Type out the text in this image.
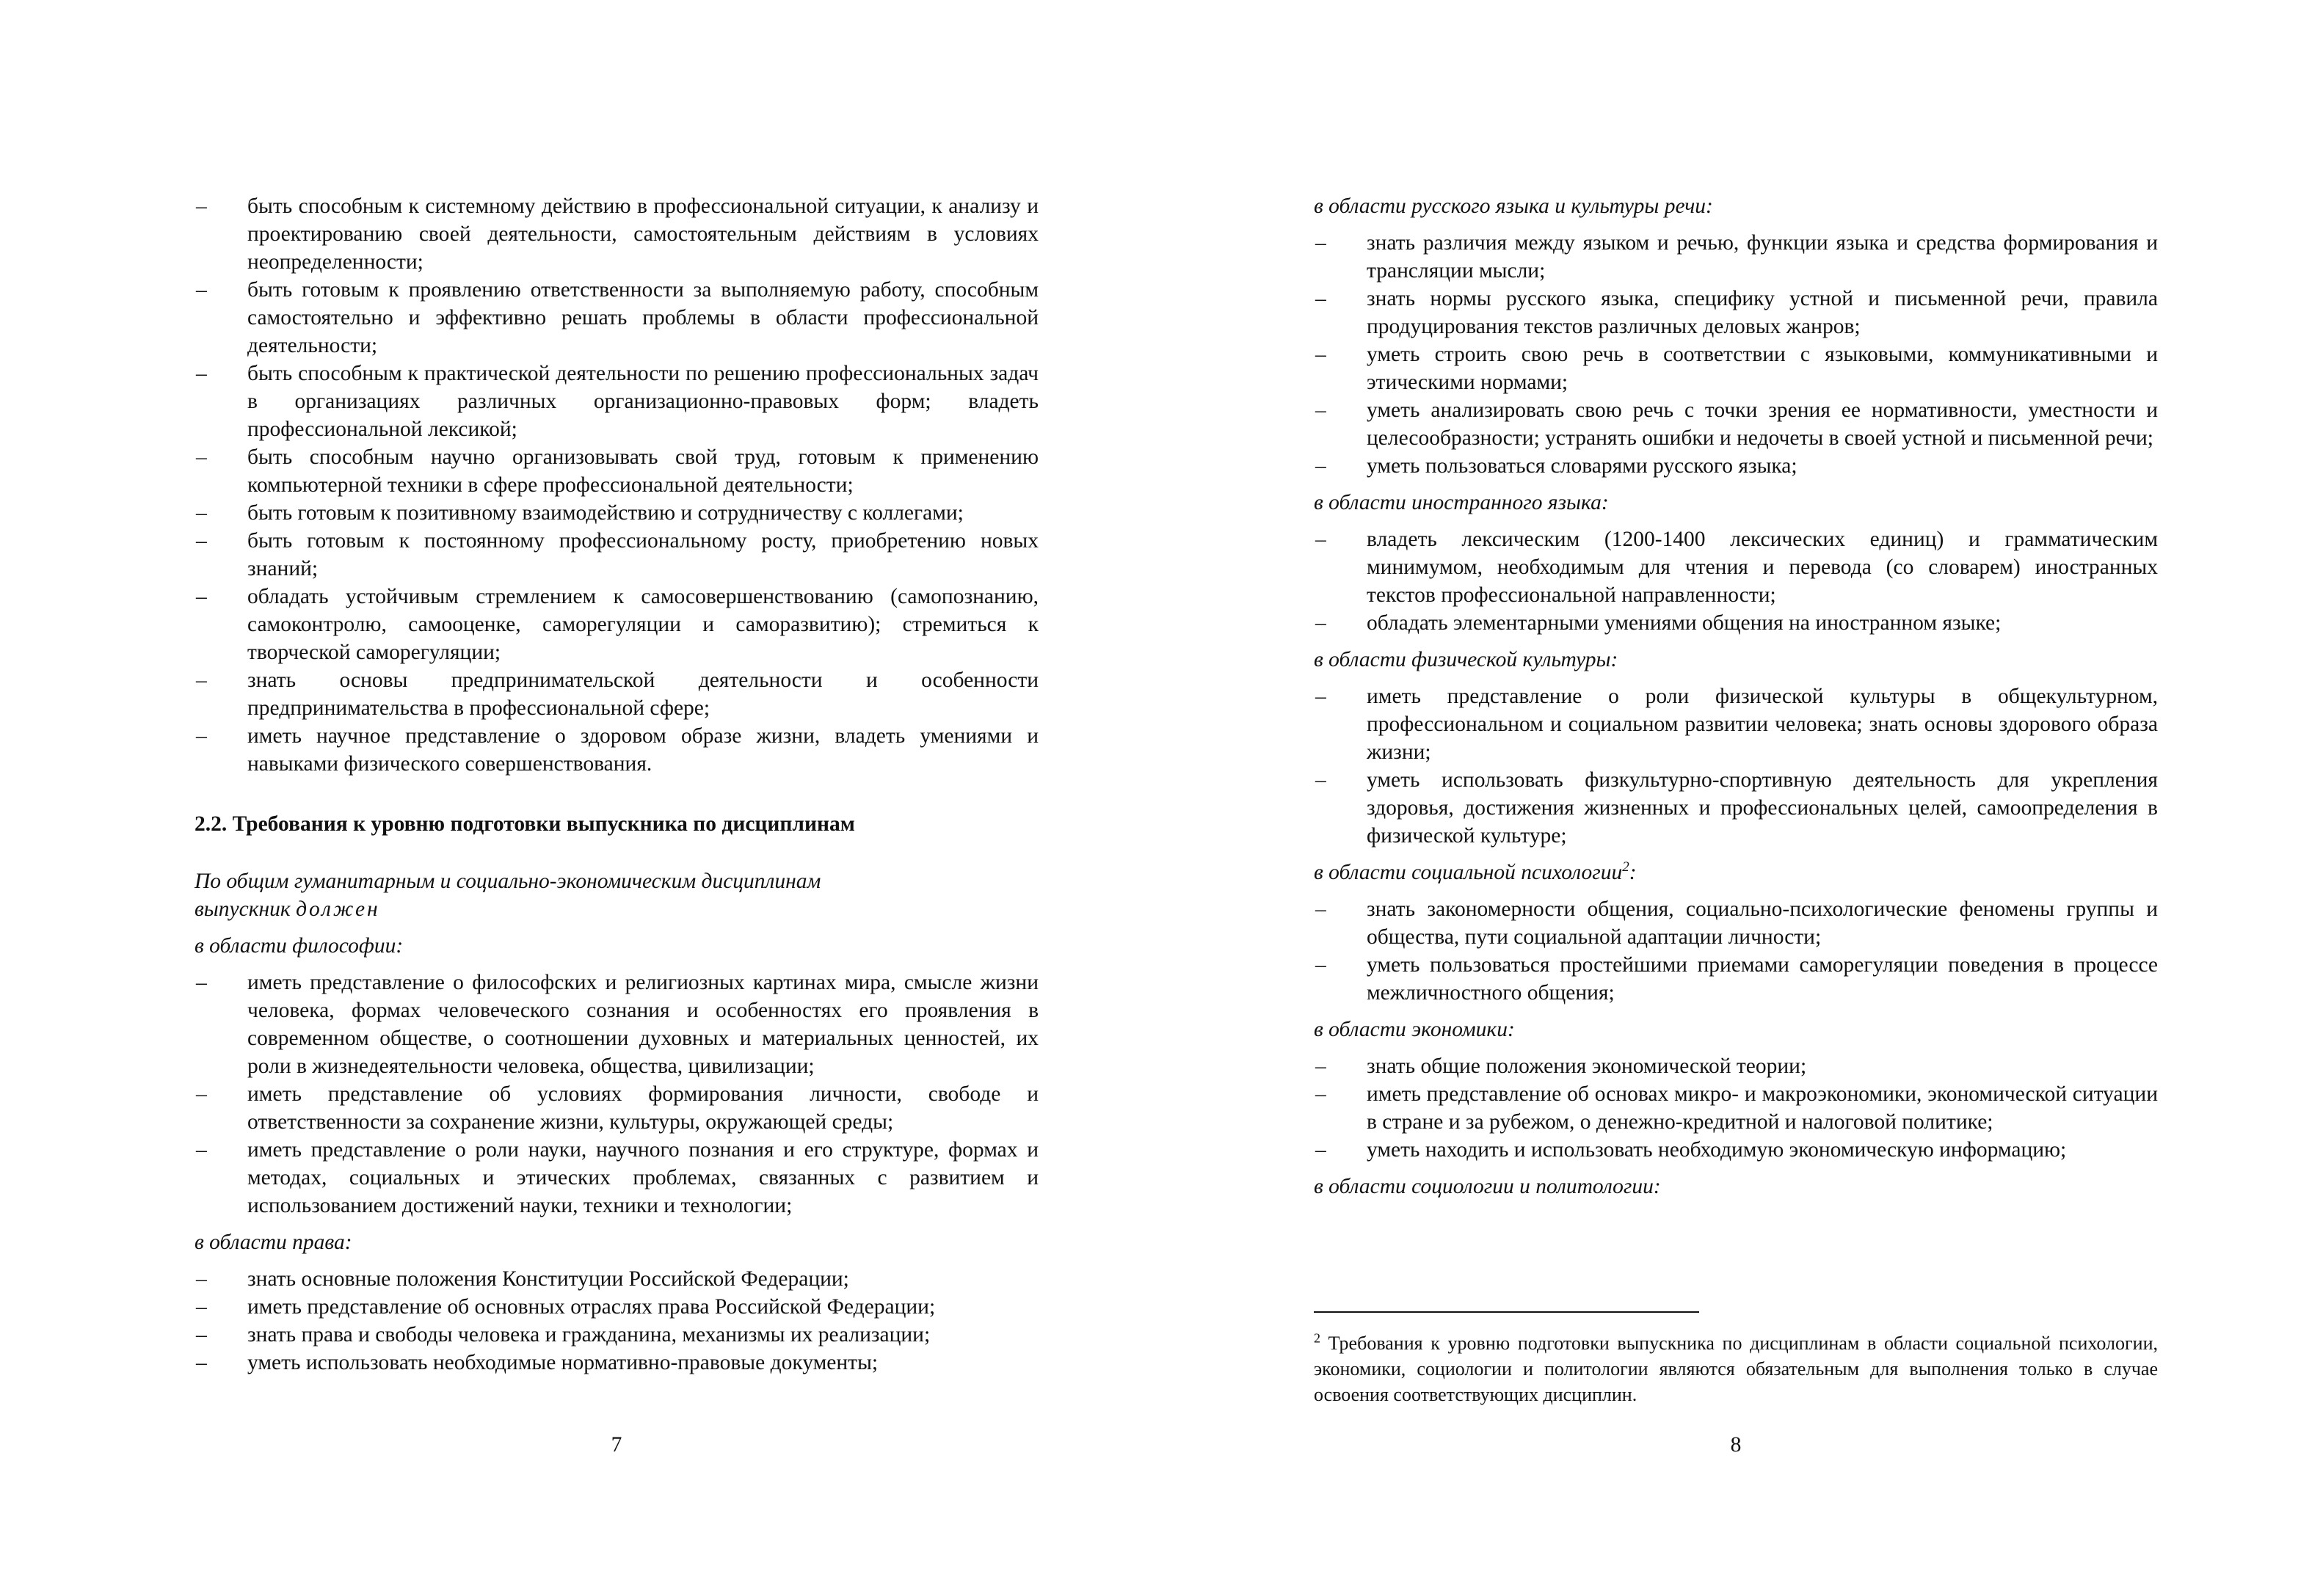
– быть способным к системному действию в профессиональной ситуации, к анализу и проектированию своей деятельности, самостоятельным действиям в условиях неопределенности;
– быть готовым к проявлению ответственности за выполняемую работу, способным самостоятельно и эффективно решать проблемы в области профессиональной деятельности;
– быть способным к практической деятельности по решению профессиональных задач в организациях различных организационно-правовых форм; владеть профессиональной лексикой;
– быть способным научно организовывать свой труд, готовым к применению компьютерной техники в сфере профессиональной деятельности;
– быть готовым к позитивному взаимодействию и сотрудничеству с коллегами;
– быть готовым к постоянному профессиональному росту, приобретению новых знаний;
– обладать устойчивым стремлением к самосовершенствованию (самопознанию, самоконтролю, самооценке, саморегуляции и саморазвитию); стремиться к творческой саморегуляции;
– знать основы предпринимательской деятельности и особенности предпринимательства в профессиональной сфере;
– иметь научное представление о здоровом образе жизни, владеть умениями и навыками физического совершенствования.
2.2. Требования к уровню подготовки выпускника по дисциплинам
По общим гуманитарным и социально-экономическим дисциплинам
выпускник должен
в области философии:
– иметь представление о философских и религиозных картинах мира, смысле жизни человека, формах человеческого сознания и особенностях его проявления в современном обществе, о соотношении духовных и материальных ценностей, их роли в жизнедеятельности человека, общества, цивилизации;
– иметь представление об условиях формирования личности, свободе и ответственности за сохранение жизни, культуры, окружающей среды;
– иметь представление о роли науки, научного познания и его структуре, формах и методах, социальных и этических проблемах, связанных с развитием и использованием достижений науки, техники и технологии;
в области права:
– знать основные положения Конституции Российской Федерации;
– иметь представление об основных отраслях права Российской Федерации;
– знать права и свободы человека и гражданина, механизмы их реализации;
– уметь использовать необходимые нормативно-правовые документы;
7
в области русского языка и культуры речи:
– знать различия между языком и речью, функции языка и средства формирования и трансляции мысли;
– знать нормы русского языка, специфику устной и письменной речи, правила продуцирования текстов различных деловых жанров;
– уметь строить свою речь в соответствии с языковыми, коммуникативными и этическими нормами;
– уметь анализировать свою речь с точки зрения ее нормативности, уместности и целесообразности; устранять ошибки и недочеты в своей устной и письменной речи;
– уметь пользоваться словарями русского языка;
в области иностранного языка:
– владеть лексическим (1200-1400 лексических единиц) и грамматическим минимумом, необходимым для чтения и перевода (со словарем) иностранных текстов профессиональной направленности;
– обладать элементарными умениями общения на иностранном языке;
в области физической культуры:
– иметь представление о роли физической культуры в общекультурном, профессиональном и социальном развитии человека; знать основы здорового образа жизни;
– уметь использовать физкультурно-спортивную деятельность для укрепления здоровья, достижения жизненных и профессиональных целей, самоопределения в физической культуре;
в области социальной психологии$^2$:
– знать закономерности общения, социально-психологические феномены группы и общества, пути социальной адаптации личности;
– уметь пользоваться простейшими приемами саморегуляции поведения в процессе межличностного общения;
в области экономики:
– знать общие положения экономической теории;
– иметь представление об основах микро- и макроэкономики, экономической ситуации в стране и за рубежом, о денежно-кредитной и налоговой политике;
– уметь находить и использовать необходимую экономическую информацию;
в области социологии и политологии:
$^2$ Требования к уровню подготовки выпускника по дисциплинам в области социальной психологии, экономики, социологии и политологии являются обязательным для выполнения только в случае освоения соответствующих дисциплин.
8
